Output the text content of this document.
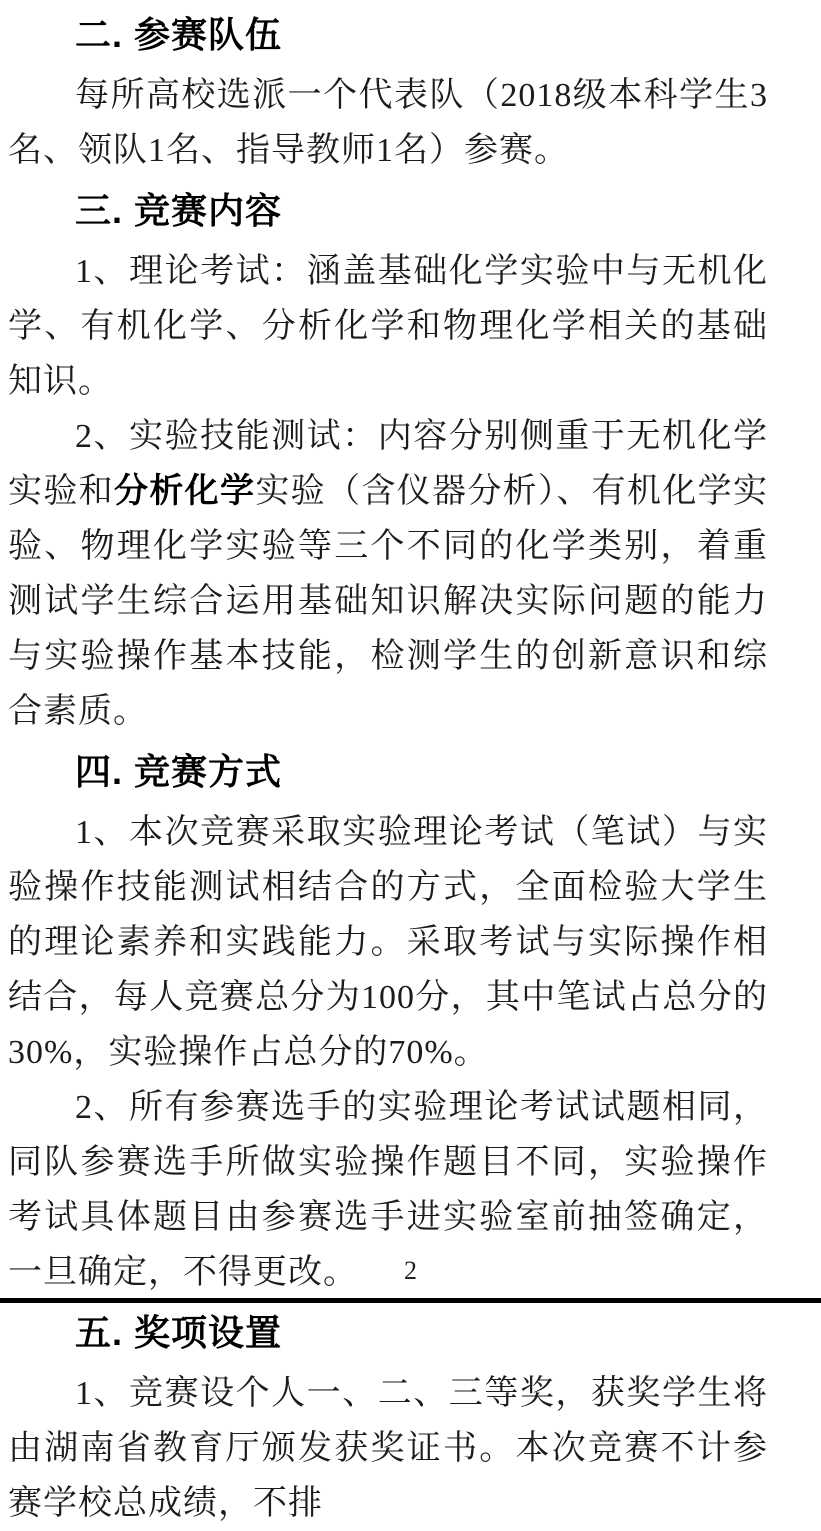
二. 参赛队伍

每所高校选派一个代表队（2018级本科学生3名、领队1名、指导教师1名）参赛。

三. 竞赛内容

1、理论考试：涵盖基础化学实验中与无机化学、有机化学、分析化学和物理化学相关的基础知识。

2、实验技能测试：内容分别侧重于无机化学实验和分析化学实验（含仪器分析）、有机化学实验、物理化学实验等三个不同的化学类别，着重测试学生综合运用基础知识解决实际问题的能力与实验操作基本技能，检测学生的创新意识和综合素质。

四. 竞赛方式

1、本次竞赛采取实验理论考试（笔试）与实验操作技能测试相结合的方式，全面检验大学生的理论素养和实践能力。采取考试与实际操作相结合，每人竞赛总分为100分，其中笔试占总分的30%，实验操作占总分的70%。

2、所有参赛选手的实验理论考试试题相同，同队参赛选手所做实验操作题目不同，实验操作考试具体题目由参赛选手进实验室前抽签确定，一旦确定，不得更改。

五. 奖项设置

1、竞赛设个人一、二、三等奖，获奖学生将由湖南省教育厅颁发获奖证书。本次竞赛不计参赛学校总成绩，不排

2
